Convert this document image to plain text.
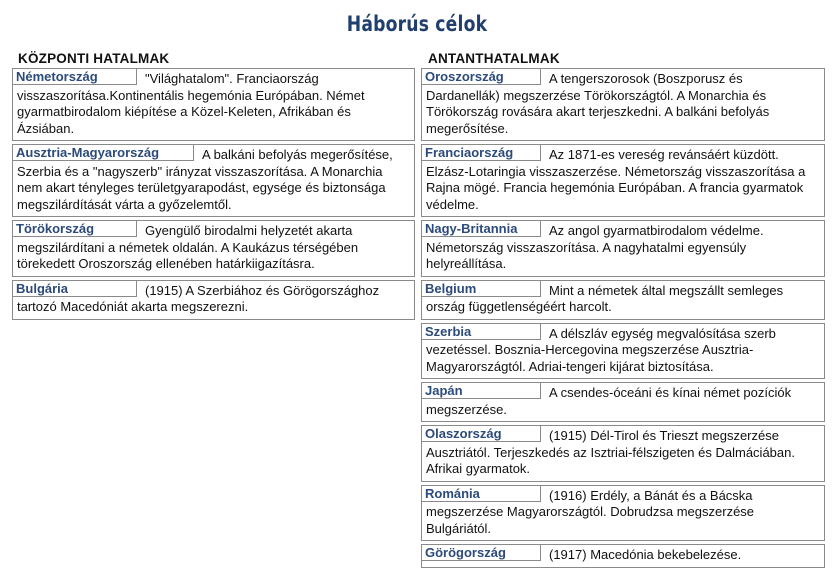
Háborús célok
KÖZPONTI HATALMAK	ANTANTHATALMAK
Németország	"Világhatalom". Franciaország visszaszorítása.Kontinentális hegemónia Európában. Német gyarmatbirodalom kiépítése a Közel-Keleten, Afrikában és Ázsiában.
Ausztria-Magyarország	A balkáni befolyás megerősítése, Szerbia és a "nagyszerb" irányzat visszaszorítása. A Monarchia nem akart tényleges területgyarapodást, egysége és biztonsága megszilárdítását várta a győzelemtől.
Törökország	Gyengülő birodalmi helyzetét akarta megszilárdítani a németek oldalán. A Kaukázus térségében törekedett Oroszország ellenében határkiigazításra.
Bulgária	(1915) A Szerbiához és Görögországhoz tartozó Macedóniát akarta megszerezni.
Oroszország	A tengerszorosok (Boszporusz és Dardanellák) megszerzése Törökországtól. A Monarchia és Törökország rovására akart terjeszkedni. A balkáni befolyás megerősítése.
Franciaország	Az 1871-es vereség revánsáért küzdött. Elzász-Lotaringia visszaszerzése. Németország visszaszorítása a Rajna mögé. Francia hegemónia Európában. A francia gyarmatok védelme.
Nagy-Britannia	Az angol gyarmatbirodalom védelme. Németország visszaszorítása. A nagyhatalmi egyensúly helyreállítása.
Belgium	Mint a németek által megszállt semleges ország függetlenségéért harcolt.
Szerbia	A délszláv egység megvalósítása szerb vezetéssel. Bosznia-Hercegovina megszerzése Ausztria-Magyarországtól. Adriai-tengeri kijárat biztosítása.
Japán	A csendes-óceáni és kínai német pozíciók megszerzése.
Olaszország	(1915) Dél-Tirol és Trieszt megszerzése Ausztriától. Terjeszkedés az Isztriai-félszigeten és Dalmáciában. Afrikai gyarmatok.
Románia	(1916) Erdély, a Bánát és a Bácska megszerzése Magyarországtól. Dobrudzsa megszerzése Bulgáriától.
Görögország	(1917) Macedónia bekebelezése.
